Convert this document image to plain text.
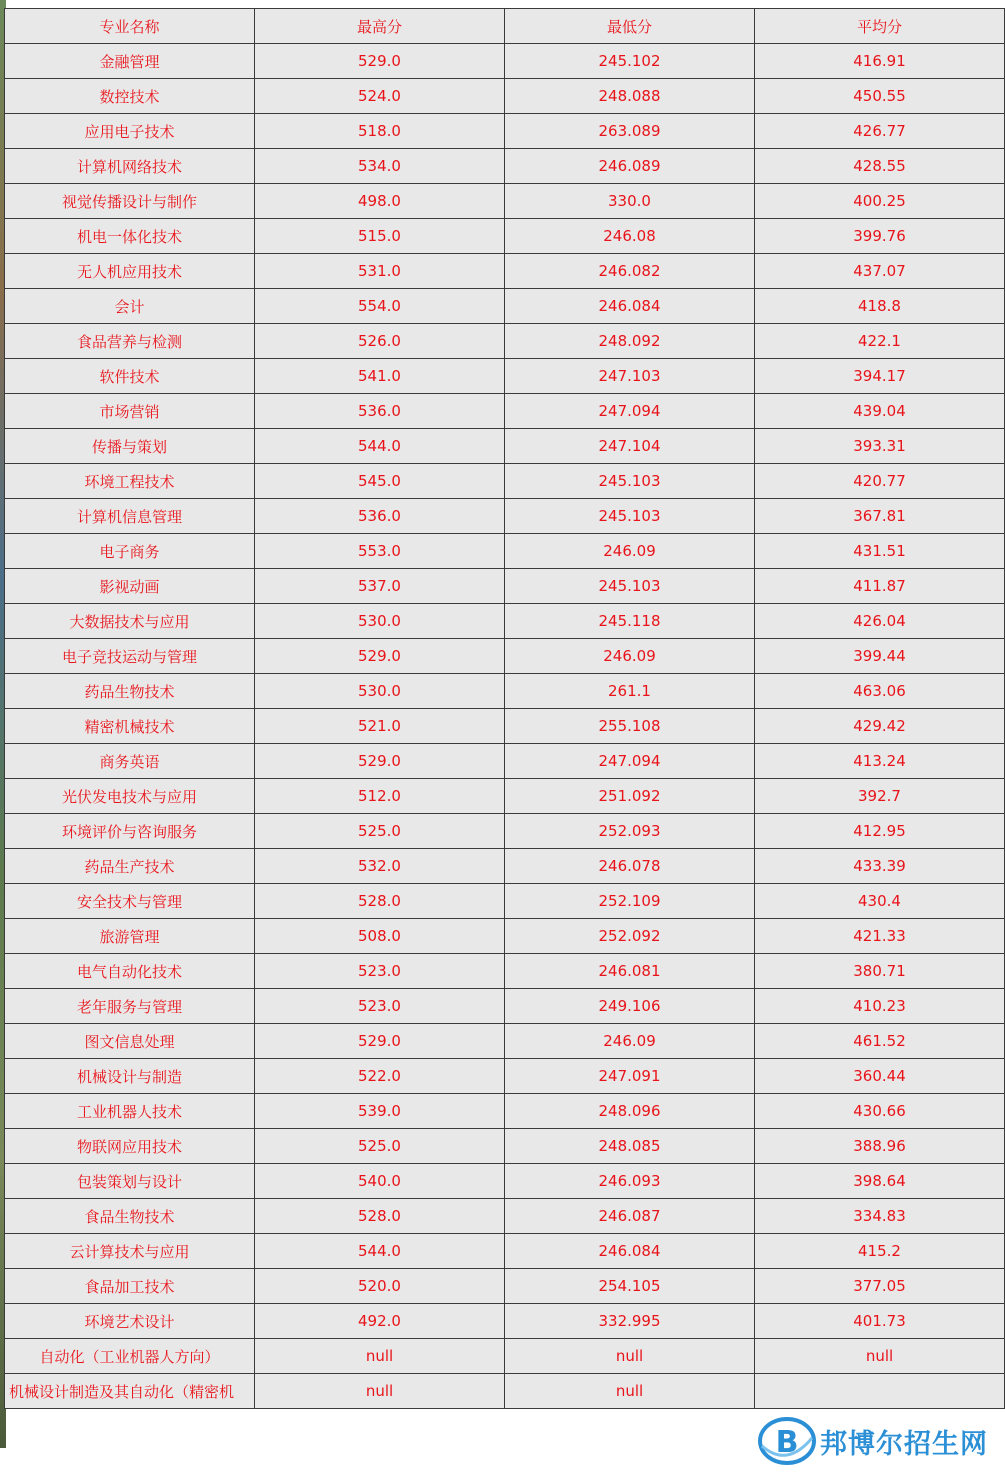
专业名称	最高分	最低分	平均分
金融管理	529.0	245.102	416.91
数控技术	524.0	248.088	450.55
应用电子技术	518.0	263.089	426.77
计算机网络技术	534.0	246.089	428.55
视觉传播设计与制作	498.0	330.0	400.25
机电一体化技术	515.0	246.08	399.76
无人机应用技术	531.0	246.082	437.07
会计	554.0	246.084	418.8
食品营养与检测	526.0	248.092	422.1
软件技术	541.0	247.103	394.17
市场营销	536.0	247.094	439.04
传播与策划	544.0	247.104	393.31
环境工程技术	545.0	245.103	420.77
计算机信息管理	536.0	245.103	367.81
电子商务	553.0	246.09	431.51
影视动画	537.0	245.103	411.87
大数据技术与应用	530.0	245.118	426.04
电子竞技运动与管理	529.0	246.09	399.44
药品生物技术	530.0	261.1	463.06
精密机械技术	521.0	255.108	429.42
商务英语	529.0	247.094	413.24
光伏发电技术与应用	512.0	251.092	392.7
环境评价与咨询服务	525.0	252.093	412.95
药品生产技术	532.0	246.078	433.39
安全技术与管理	528.0	252.109	430.4
旅游管理	508.0	252.092	421.33
电气自动化技术	523.0	246.081	380.71
老年服务与管理	523.0	249.106	410.23
图文信息处理	529.0	246.09	461.52
机械设计与制造	522.0	247.091	360.44
工业机器人技术	539.0	248.096	430.66
物联网应用技术	525.0	248.085	388.96
包装策划与设计	540.0	246.093	398.64
食品生物技术	528.0	246.087	334.83
云计算技术与应用	544.0	246.084	415.2
食品加工技术	520.0	254.105	377.05
环境艺术设计	492.0	332.995	401.73
自动化（工业机器人方向）	null	null	null
机械设计制造及其自动化（精密机	null	null	
B 邦博尔招生网
